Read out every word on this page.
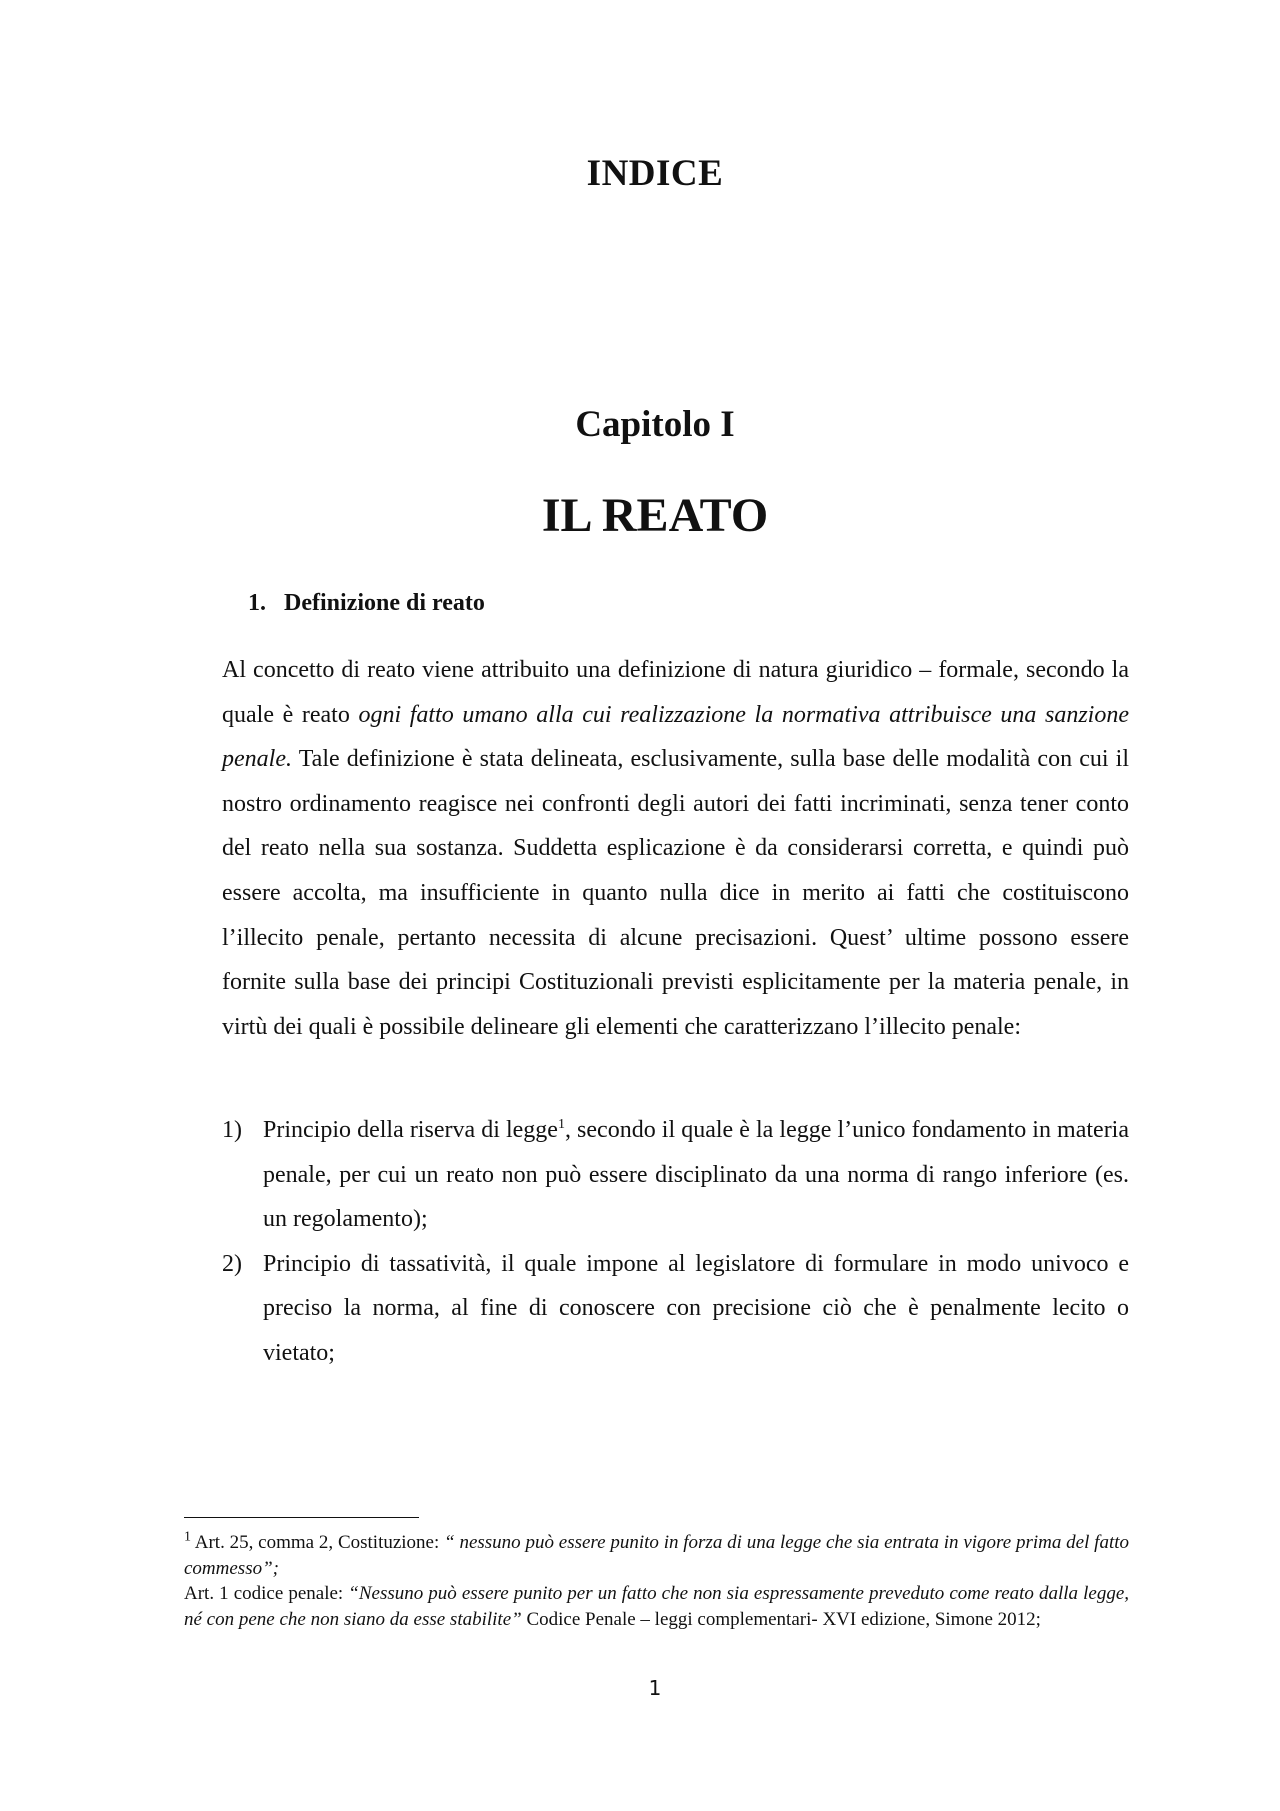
INDICE
Capitolo I
IL REATO
1. Definizione di reato

Al concetto di reato viene attribuito una definizione di natura giuridico – formale, secondo la quale è reato ogni fatto umano alla cui realizzazione la normativa attribuisce una sanzione penale. Tale definizione è stata delineata, esclusivamente, sulla base delle modalità con cui il nostro ordinamento reagisce nei confronti degli autori dei fatti incriminati, senza tener conto del reato nella sua sostanza. Suddetta esplicazione è da considerarsi corretta, e quindi può essere accolta, ma insufficiente in quanto nulla dice in merito ai fatti che costituiscono l’illecito penale, pertanto necessita di alcune precisazioni. Quest’ ultime possono essere fornite sulla base dei principi Costituzionali previsti esplicitamente per la materia penale, in virtù dei quali è possibile delineare gli elementi che caratterizzano l’illecito penale:

1) Principio della riserva di legge$^1$, secondo il quale è la legge l’unico fondamento in materia penale, per cui un reato non può essere disciplinato da una norma di rango inferiore (es. un regolamento);
2) Principio di tassatività, il quale impone al legislatore di formulare in modo univoco e preciso la norma, al fine di conoscere con precisione ciò che è penalmente lecito o vietato;

$^1$ Art. 25, comma 2, Costituzione: “ nessuno può essere punito in forza di una legge che sia entrata in vigore prima del fatto commesso”;

Art. 1 codice penale: “Nessuno può essere punito per un fatto che non sia espressamente preveduto come reato dalla legge, né con pene che non siano da esse stabilite” Codice Penale – leggi complementari- XVI edizione, Simone 2012;

1
